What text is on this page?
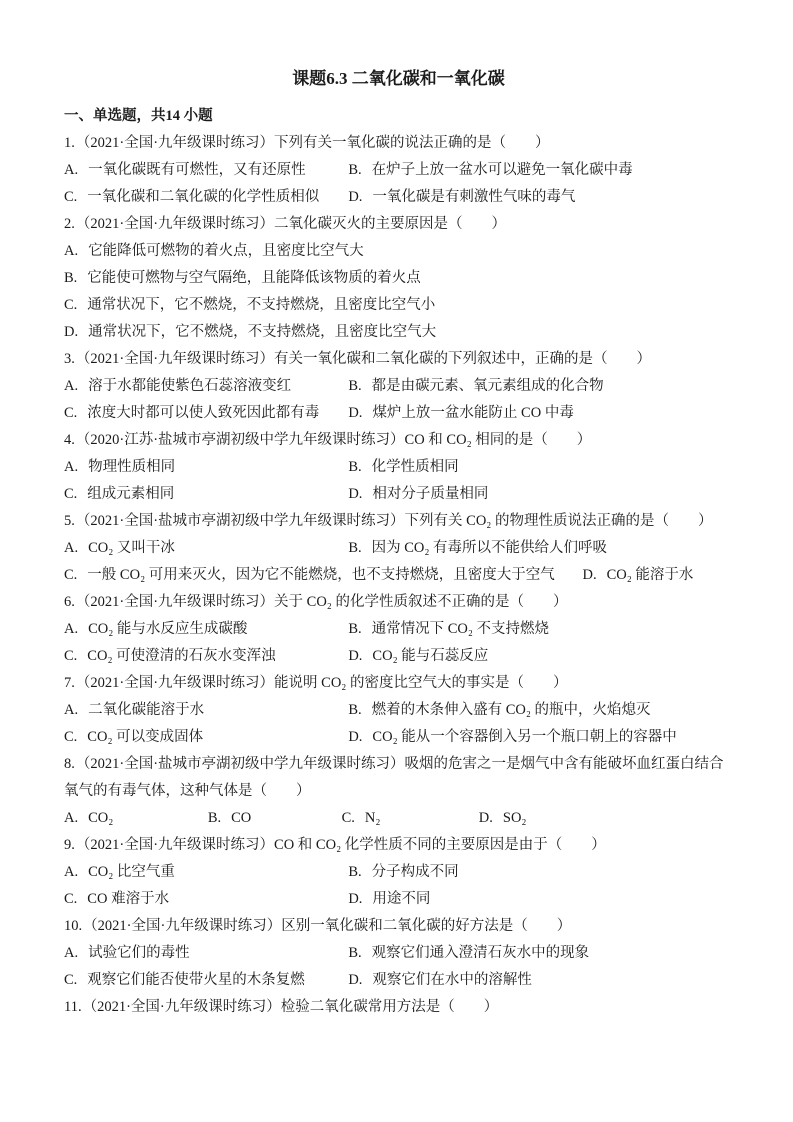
课题6.3 二氧化碳和一氧化碳

一、单选题，共14 小题

1.（2021·全国·九年级课时练习）下列有关一氧化碳的说法正确的是（　　）

A. 一氧化碳既有可燃性，又有还原性	B. 在炉子上放一盆水可以避免一氧化碳中毒
C. 一氧化碳和二氧化碳的化学性质相似 D. 一氧化碳是有刺激性气味的毒气

2.（2021·全国·九年级课时练习）二氧化碳灭火的主要原因是（　　）

A. 它能降低可燃物的着火点，且密度比空气大
B. 它能使可燃物与空气隔绝，且能降低该物质的着火点
C. 通常状况下，它不燃烧，不支持燃烧，且密度比空气小
D. 通常状况下，它不燃烧，不支持燃烧，且密度比空气大

3.（2021·全国·九年级课时练习）有关一氧化碳和二氧化碳的下列叙述中，正确的是（　　）

A. 溶于水都能使紫色石蕊溶液变红	B. 都是由碳元素、氧元素组成的化合物
C. 浓度大时都可以使人致死因此都有毒 D. 煤炉上放一盆水能防止 CO 中毒

4.（2020·江苏·盐城市亭湖初级中学九年级课时练习）CO 和 CO₂ 相同的是（　　）

A. 物理性质相同	B. 化学性质相同
C. 组成元素相同	D. 相对分子质量相同

5.（2021·全国·盐城市亭湖初级中学九年级课时练习）下列有关 CO₂ 的物理性质说法正确的是（　　）

A. CO₂ 又叫干冰	B. 因为 CO₂ 有毒所以不能供给人们呼吸
C. 一般 CO₂ 可用来灭火，因为它不能燃烧，也不支持燃烧，且密度大于空气 D. CO₂ 能溶于水

6.（2021·全国·九年级课时练习）关于 CO₂ 的化学性质叙述不正确的是（　　）

A. CO₂ 能与水反应生成碳酸	B. 通常情况下 CO₂ 不支持燃烧
C. CO₂ 可使澄清的石灰水变浑浊	D. CO₂ 能与石蕊反应

7.（2021·全国·九年级课时练习）能说明 CO₂ 的密度比空气大的事实是（　　）

A. 二氧化碳能溶于水	B. 燃着的木条伸入盛有 CO₂ 的瓶中，火焰熄灭
C. CO₂ 可以变成固体	D. CO₂ 能从一个容器倒入另一个瓶口朝上的容器中

8.（2021·全国·盐城市亭湖初级中学九年级课时练习）吸烟的危害之一是烟气中含有能破坏血红蛋白结合氧气的有毒气体，这种气体是（　　）

A. CO₂	B. CO	C. N₂	D. SO₂

9.（2021·全国·九年级课时练习）CO 和 CO₂ 化学性质不同的主要原因是由于（　　）

A. CO₂ 比空气重	B. 分子构成不同
C. CO 难溶于水	D. 用途不同

10.（2021·全国·九年级课时练习）区别一氧化碳和二氧化碳的好方法是（　　）

A. 试验它们的毒性	B. 观察它们通入澄清石灰水中的现象
C. 观察它们能否使带火星的木条复燃	D. 观察它们在水中的溶解性

11.（2021·全国·九年级课时练习）检验二氧化碳常用方法是（　　）
